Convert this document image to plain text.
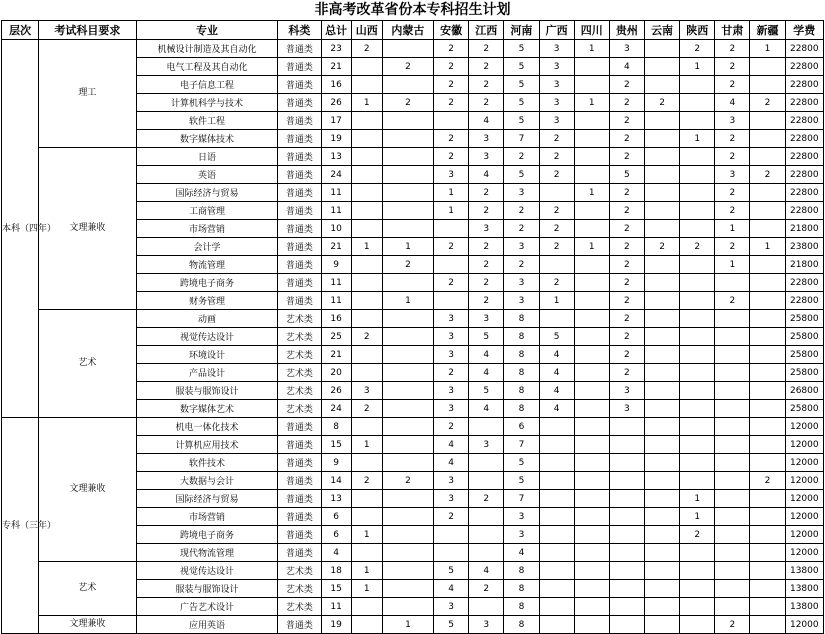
非高考改革省份本专科招生计划
层次	考试科目要求	专业	科类	总计	山西	内蒙古	安徽	江西	河南	广西	四川	贵州	云南	陕西	甘肃	新疆	学费
本科（四年）	理工	机械设计制造及其自动化	普通类	23	2		2	2	5	3	1	3		2	2	1	22800
		电气工程及其自动化	普通类	21		2	2	2	5	3		4		1	2		22800
		电子信息工程	普通类	16			2	2	5	3		2			2		22800
		计算机科学与技术	普通类	26	1	2	2	2	5	3	1	2	2		4	2	22800
		软件工程	普通类	17				4	5	3		2			3		22800
		数字媒体技术	普通类	19			2	3	7	2		2		1	2		22800
	文理兼收	日语	普通类	13			2	3	2	2		2			2		22800
		英语	普通类	24			3	4	5	2		5			3	2	22800
		国际经济与贸易	普通类	11			1	2	3		1	2			2		22800
		工商管理	普通类	11			1	2	2	2		2			2		22800
		市场营销	普通类	10				3	2	2		2			1		21800
		会计学	普通类	21	1	1	2	2	3	2	1	2	2	2	2	1	23800
		物流管理	普通类	9		2		2	2			2			1		21800
		跨境电子商务	普通类	11			2	2	3	2		2					22800
		财务管理	普通类	11		1		2	3	1		2			2		22800
	艺术	动画	艺术类	16			3	3	8			2					25800
		视觉传达设计	艺术类	25	2		3	5	8	5		2					25800
		环境设计	艺术类	21			3	4	8	4		2					25800
		产品设计	艺术类	20			2	4	8	4		2					25800
		服装与服饰设计	艺术类	26	3		3	5	8	4		3					26800
		数字媒体艺术	艺术类	24	2		3	4	8	4		3					25800
专科（三年）	文理兼收	机电一体化技术	普通类	8			2		6								12000
		计算机应用技术	普通类	15	1		4	3	7								12000
		软件技术	普通类	9			4		5								12000
		大数据与会计	普通类	14	2	2	3		5							2	12000
		国际经济与贸易	普通类	13			3	2	7					1			12000
		市场营销	普通类	6			2		3					1			12000
		跨境电子商务	普通类	6	1				3					2			12000
		现代物流管理	普通类	4					4								12000
	艺术	视觉传达设计	艺术类	18	1		5	4	8								13800
		服装与服饰设计	艺术类	15	1		4	2	8								13800
		广告艺术设计	艺术类	11			3		8								13800
	文理兼收	应用英语	普通类	19		1	5	3	8						2		12000
